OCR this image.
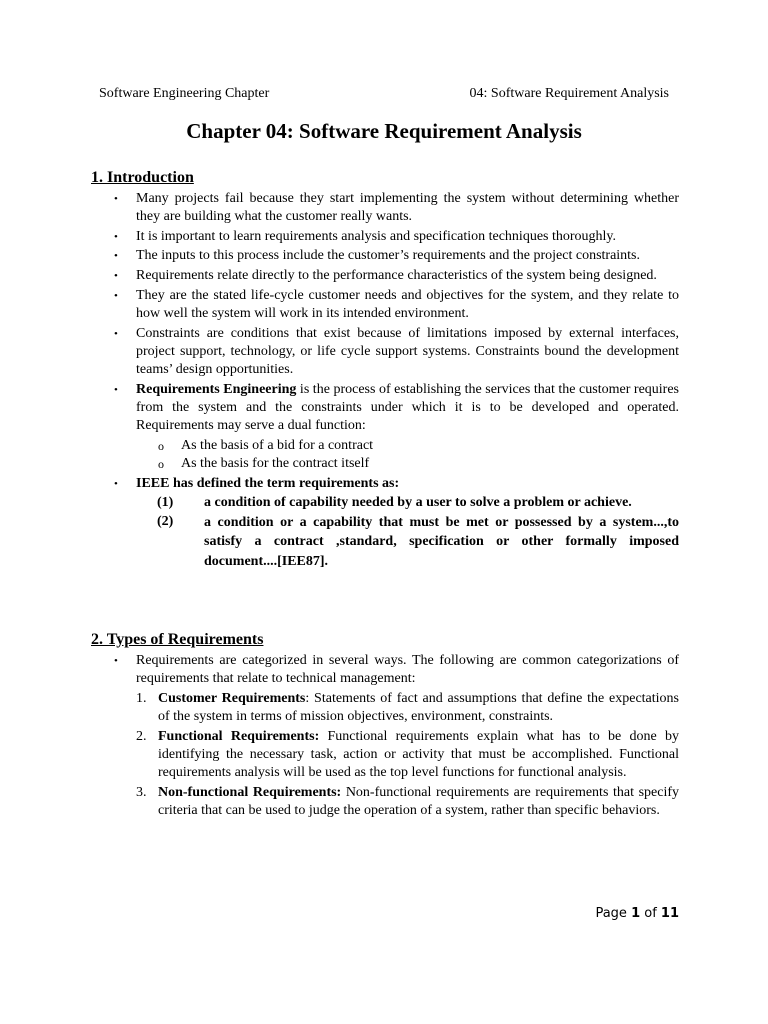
Software Engineering Chapter	04: Software Requirement Analysis
Chapter 04: Software Requirement Analysis
1. Introduction
• Many projects fail because they start implementing the system without determining whether they are building what the customer really wants.
• It is important to learn requirements analysis and specification techniques thoroughly.
• The inputs to this process include the customer’s requirements and the project constraints.
• Requirements relate directly to the performance characteristics of the system being designed.
• They are the stated life-cycle customer needs and objectives for the system, and they relate to how well the system will work in its intended environment.
• Constraints are conditions that exist because of limitations imposed by external interfaces, project support, technology, or life cycle support systems. Constraints bound the development teams’ design opportunities.
• Requirements Engineering is the process of establishing the services that the customer requires from the system and the constraints under which it is to be developed and operated. Requirements may serve a dual function:
o As the basis of a bid for a contract
o As the basis for the contract itself
• IEEE has defined the term requirements as:
(1) a condition of capability needed by a user to solve a problem or achieve.
(2)	a condition or a capability that must be met or possessed by a system...,to satisfy a contract ,standard, specification or other formally imposed document....[IEE87].
2. Types of Requirements
• Requirements are categorized in several ways. The following are common categorizations of requirements that relate to technical management:
1. Customer Requirements: Statements of fact and assumptions that define the expectations of the system in terms of mission objectives, environment, constraints.
2. Functional Requirements: Functional requirements explain what has to be done by identifying the necessary task, action or activity that must be accomplished. Functional requirements analysis will be used as the top level functions for functional analysis.
3. Non-functional Requirements: Non-functional requirements are requirements that specify criteria that can be used to judge the operation of a system, rather than specific behaviors.
Page 1 of 11
